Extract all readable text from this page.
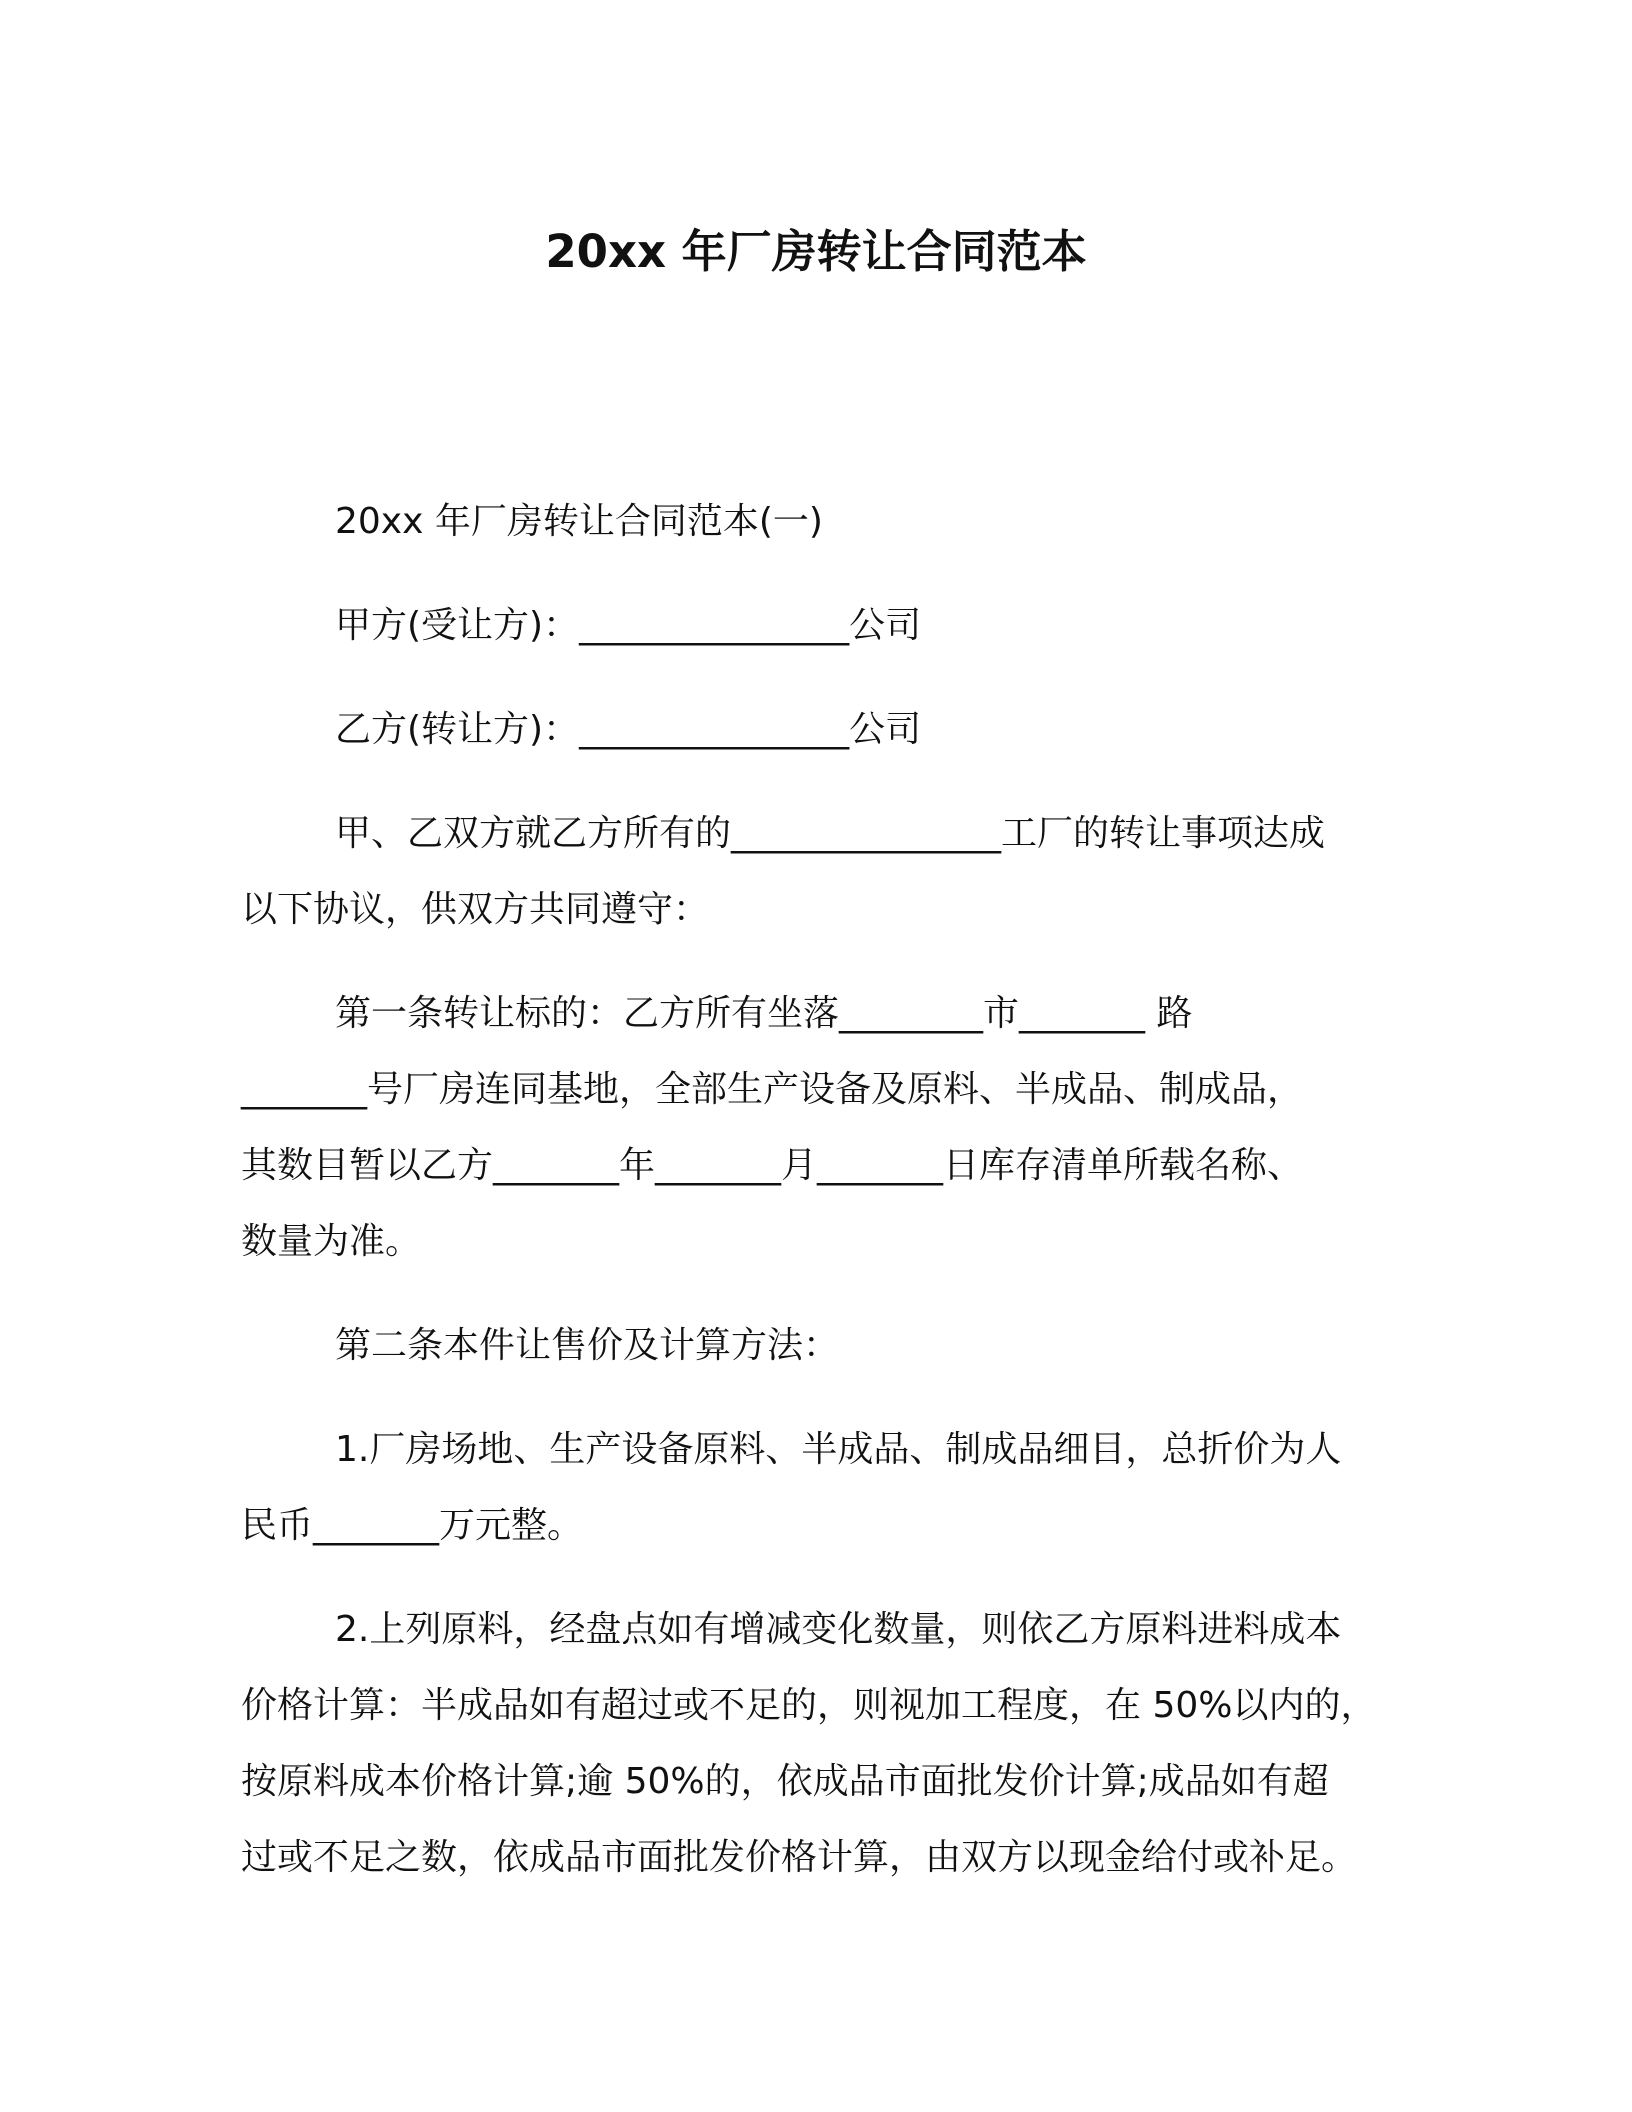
20xx 年厂房转让合同范本

20xx 年厂房转让合同范本(一)

甲方(受让方)：_______________公司

乙方(转让方)：_______________公司

甲、乙双方就乙方所有的_______________工厂的转让事项达成
以下协议，供双方共同遵守：

第一条转让标的：乙方所有坐落________市_______ 路
_______号厂房连同基地，全部生产设备及原料、半成品、制成品，
其数目暂以乙方_______年_______月_______日库存清单所载名称、
数量为准。

第二条本件让售价及计算方法：

1.厂房场地、生产设备原料、半成品、制成品细目，总折价为人
民币_______万元整。

2.上列原料，经盘点如有增减变化数量，则依乙方原料进料成本
价格计算：半成品如有超过或不足的，则视加工程度，在 50%以内的，
按原料成本价格计算;逾 50%的，依成品市面批发价计算;成品如有超
过或不足之数，依成品市面批发价格计算，由双方以现金给付或补足。
